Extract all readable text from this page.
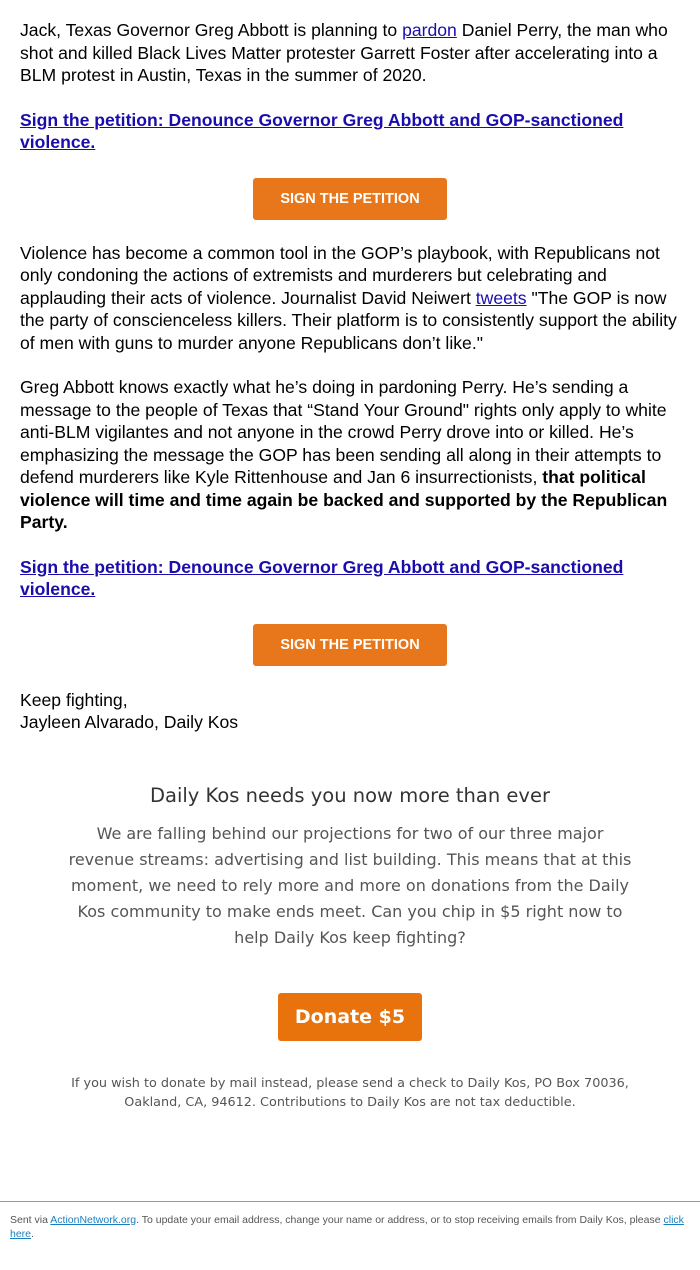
Jack, Texas Governor Greg Abbott is planning to pardon Daniel Perry, the man who shot and killed Black Lives Matter protester Garrett Foster after accelerating into a BLM protest in Austin, Texas in the summer of 2020.

Sign the petition: Denounce Governor Greg Abbott and GOP-sanctioned violence.
SIGN THE PETITION

Violence has become a common tool in the GOP’s playbook, with Republicans not only condoning the actions of extremists and murderers but celebrating and applauding their acts of violence. Journalist David Neiwert tweets "The GOP is now the party of conscienceless killers. Their platform is to consistently support the ability of men with guns to murder anyone Republicans don’t like."

Greg Abbott knows exactly what he’s doing in pardoning Perry. He’s sending a message to the people of Texas that “Stand Your Ground" rights only apply to white anti-BLM vigilantes and not anyone in the crowd Perry drove into or killed. He’s emphasizing the message the GOP has been sending all along in their attempts to defend murderers like Kyle Rittenhouse and Jan 6 insurrectionists, that political violence will time and time again be backed and supported by the Republican Party.

Sign the petition: Denounce Governor Greg Abbott and GOP-sanctioned violence.
SIGN THE PETITION

Keep fighting,

Jayleen Alvarado, Daily Kos

Daily Kos needs you now more than ever

We are falling behind our projections for two of our three major revenue streams: advertising and list building. This means that at this moment, we need to rely more and more on donations from the Daily Kos community to make ends meet. Can you chip in $5 right now to help Daily Kos keep fighting?

Donate $5

If you wish to donate by mail instead, please send a check to Daily Kos, PO Box 70036, Oakland, CA, 94612. Contributions to Daily Kos are not tax deductible.

Sent via ActionNetwork.org. To update your email address, change your name or address, or to stop receiving emails from Daily Kos, please click here.
